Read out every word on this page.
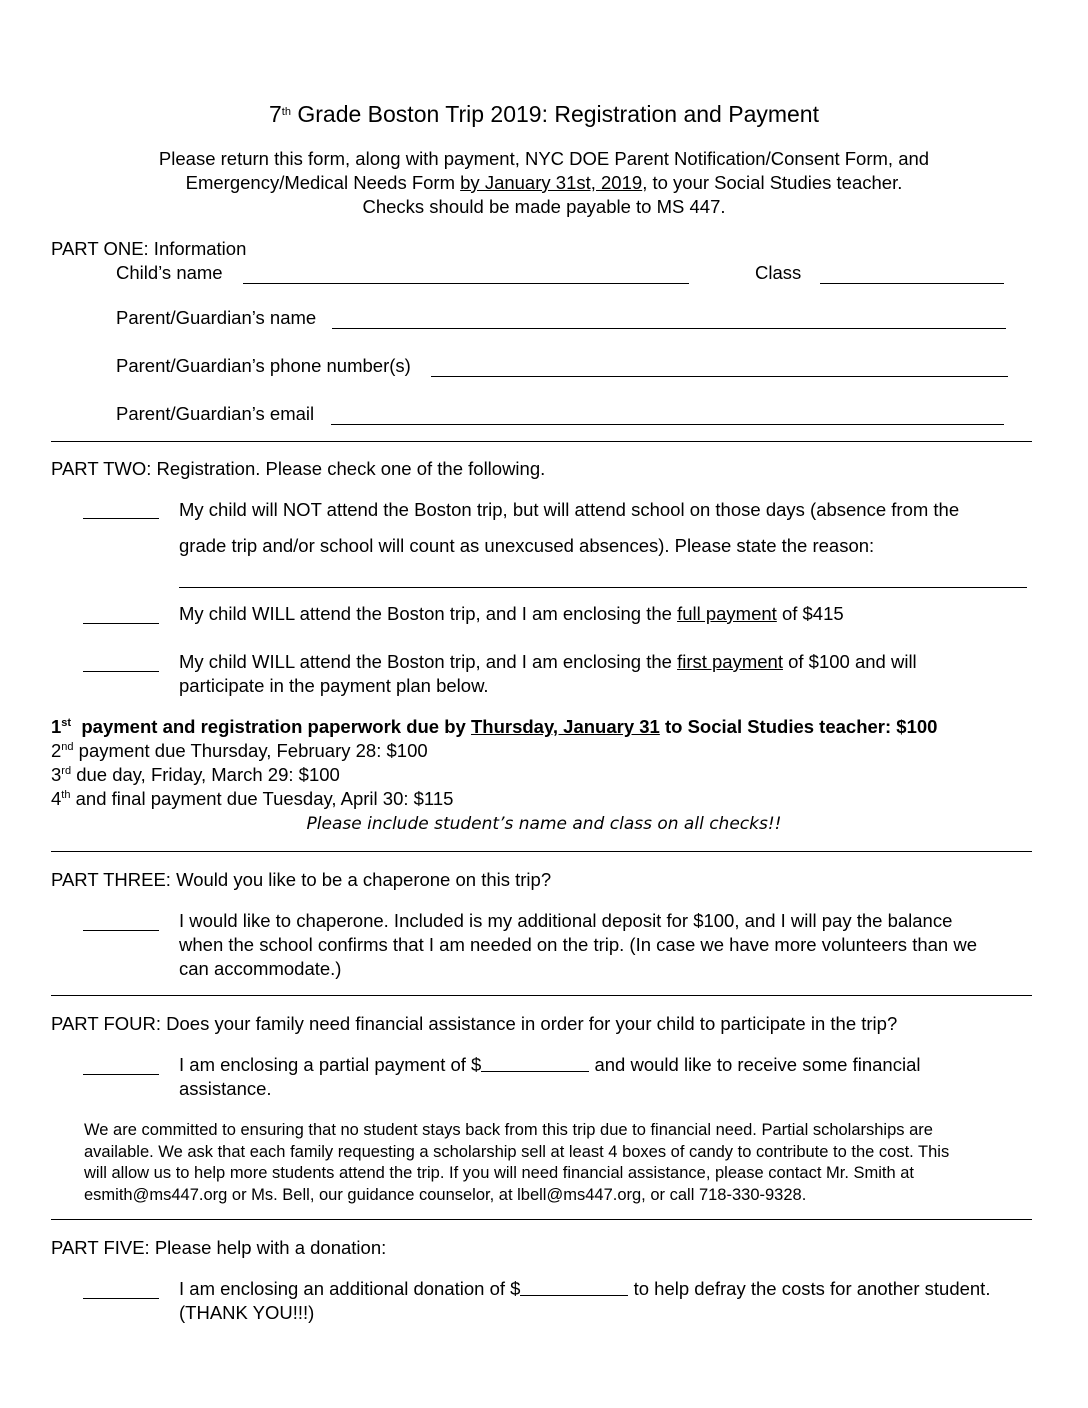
7th Grade Boston Trip 2019: Registration and Payment
Please return this form, along with payment, NYC DOE Parent Notification/Consent Form, and
Emergency/Medical Needs Form by January 31st, 2019, to your Social Studies teacher.
Checks should be made payable to MS 447.
PART ONE: Information
Child’s name	Class
Parent/Guardian’s name
Parent/Guardian’s phone number(s)
Parent/Guardian’s email
PART TWO: Registration. Please check one of the following.
My child will NOT attend the Boston trip, but will attend school on those days (absence from the
grade trip and/or school will count as unexcused absences). Please state the reason:
My child WILL attend the Boston trip, and I am enclosing the full payment of $415
My child WILL attend the Boston trip, and I am enclosing the first payment of $100 and will
participate in the payment plan below.
1st  payment and registration paperwork due by Thursday, January 31 to Social Studies teacher: $100
2nd payment due Thursday, February 28: $100
3rd due day, Friday, March 29: $100
4th and final payment due Tuesday, April 30: $115
Please include student’s name and class on all checks!!
PART THREE: Would you like to be a chaperone on this trip?
I would like to chaperone. Included is my additional deposit for $100, and I will pay the balance
when the school confirms that I am needed on the trip. (In case we have more volunteers than we
can accommodate.)
PART FOUR: Does your family need financial assistance in order for your child to participate in the trip?
I am enclosing a partial payment of $	and would like to receive some financial
assistance.
We are committed to ensuring that no student stays back from this trip due to financial need. Partial scholarships are
available. We ask that each family requesting a scholarship sell at least 4 boxes of candy to contribute to the cost. This
will allow us to help more students attend the trip. If you will need financial assistance, please contact Mr. Smith at
esmith@ms447.org or Ms. Bell, our guidance counselor, at lbell@ms447.org, or call 718-330-9328.
PART FIVE: Please help with a donation:
I am enclosing an additional donation of $	to help defray the costs for another student.
(THANK YOU!!!)
